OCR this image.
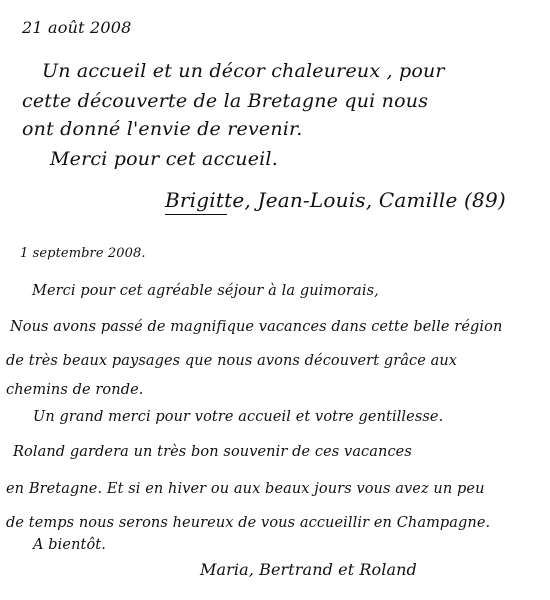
21 août 2008

Un accueil et un décor chaleureux , pour

cette découverte de la Bretagne qui nous

ont donné l'envie de revenir.

Merci pour cet accueil.

Brigitte, Jean-Louis, Camille (89)

1 septembre 2008.

Merci pour cet agréable séjour à la guimorais,

Nous avons passé de magnifique vacances dans cette belle région

de très beaux paysages que nous avons découvert grâce aux

chemins de ronde.

Un grand merci pour votre accueil et votre gentillesse.

Roland gardera un très bon souvenir de ces vacances

en Bretagne. Et si en hiver ou aux beaux jours vous avez un peu

de temps nous serons heureux de vous accueillir en Champagne.

A bientôt.

Maria, Bertrand et Roland
